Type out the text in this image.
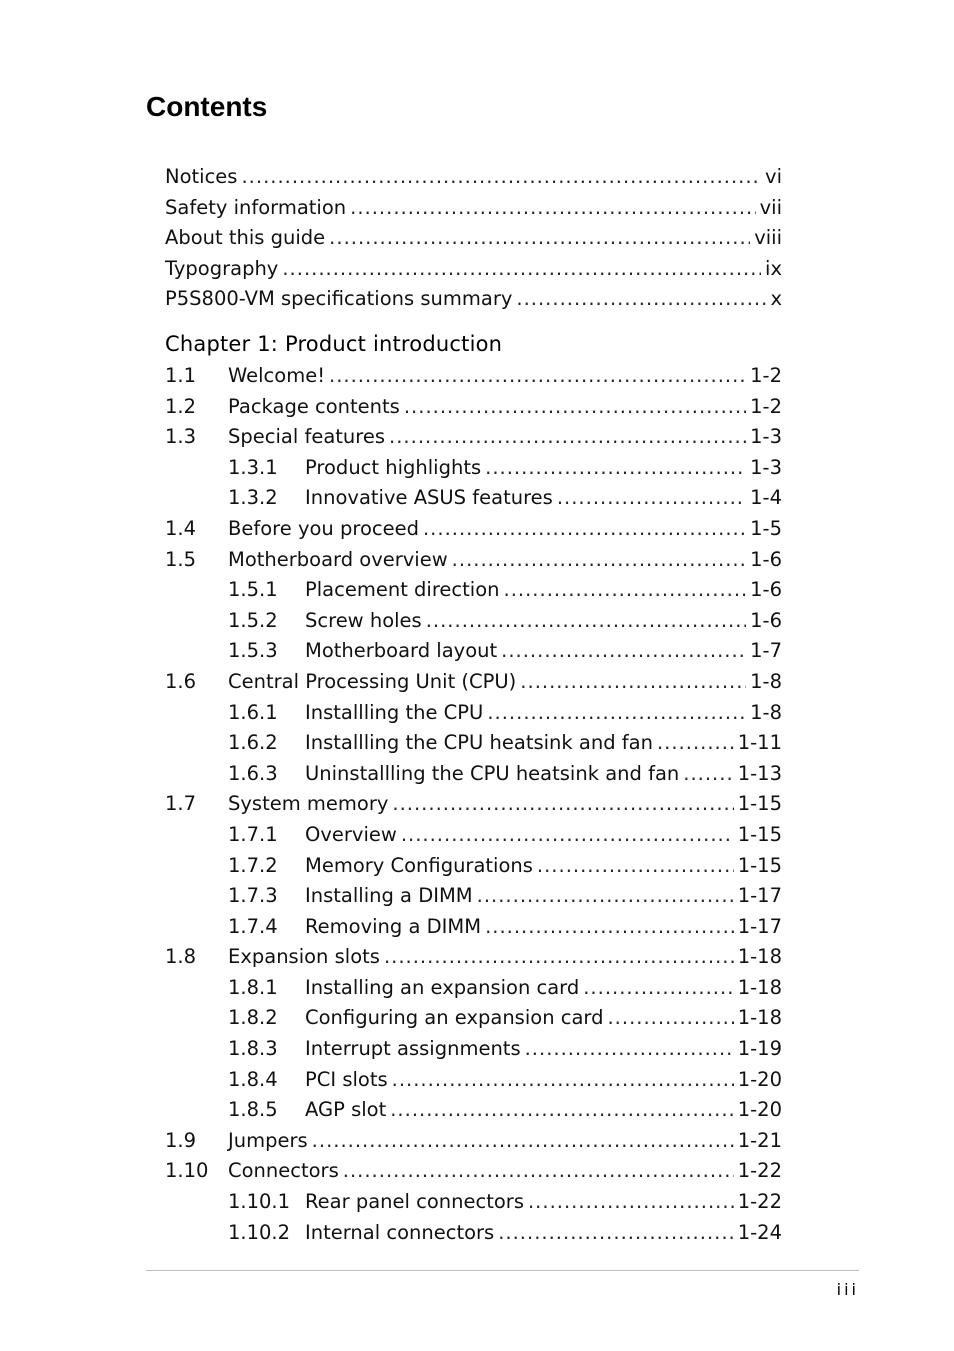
Contents
Notices .....	vi
Safety information .....	vii
About this guide .....	viii
Typography .....	ix
P5S800-VM specifications summary .....	x
Chapter 1: Product introduction
1.1	Welcome! .....	1-2
1.2	Package contents .....	1-2
1.3	Special features .....	1-3
1.3.1	Product highlights .....	1-3
1.3.2	Innovative ASUS features .....	1-4
1.4	Before you proceed .....	1-5
1.5	Motherboard overview .....	1-6
1.5.1	Placement direction .....	1-6
1.5.2	Screw holes .....	1-6
1.5.3	Motherboard layout .....	1-7
1.6	Central Processing Unit (CPU) .....	1-8
1.6.1	Installling the CPU .....	1-8
1.6.2	Installling the CPU heatsink and fan .....	1-11
1.6.3	Uninstallling the CPU heatsink and fan .....	1-13
1.7	System memory .....	1-15
1.7.1	Overview .....	1-15
1.7.2	Memory Configurations .....	1-15
1.7.3	Installing a DIMM .....	1-17
1.7.4	Removing a DIMM .....	1-17
1.8	Expansion slots .....	1-18
1.8.1	Installing an expansion card .....	1-18
1.8.2	Configuring an expansion card .....	1-18
1.8.3	Interrupt assignments .....	1-19
1.8.4	PCI slots .....	1-20
1.8.5	AGP slot .....	1-20
1.9	Jumpers .....	1-21
1.10	Connectors .....	1-22
1.10.1 Rear panel connectors .....	1-22
1.10.2 Internal connectors .....	1-24
iii
